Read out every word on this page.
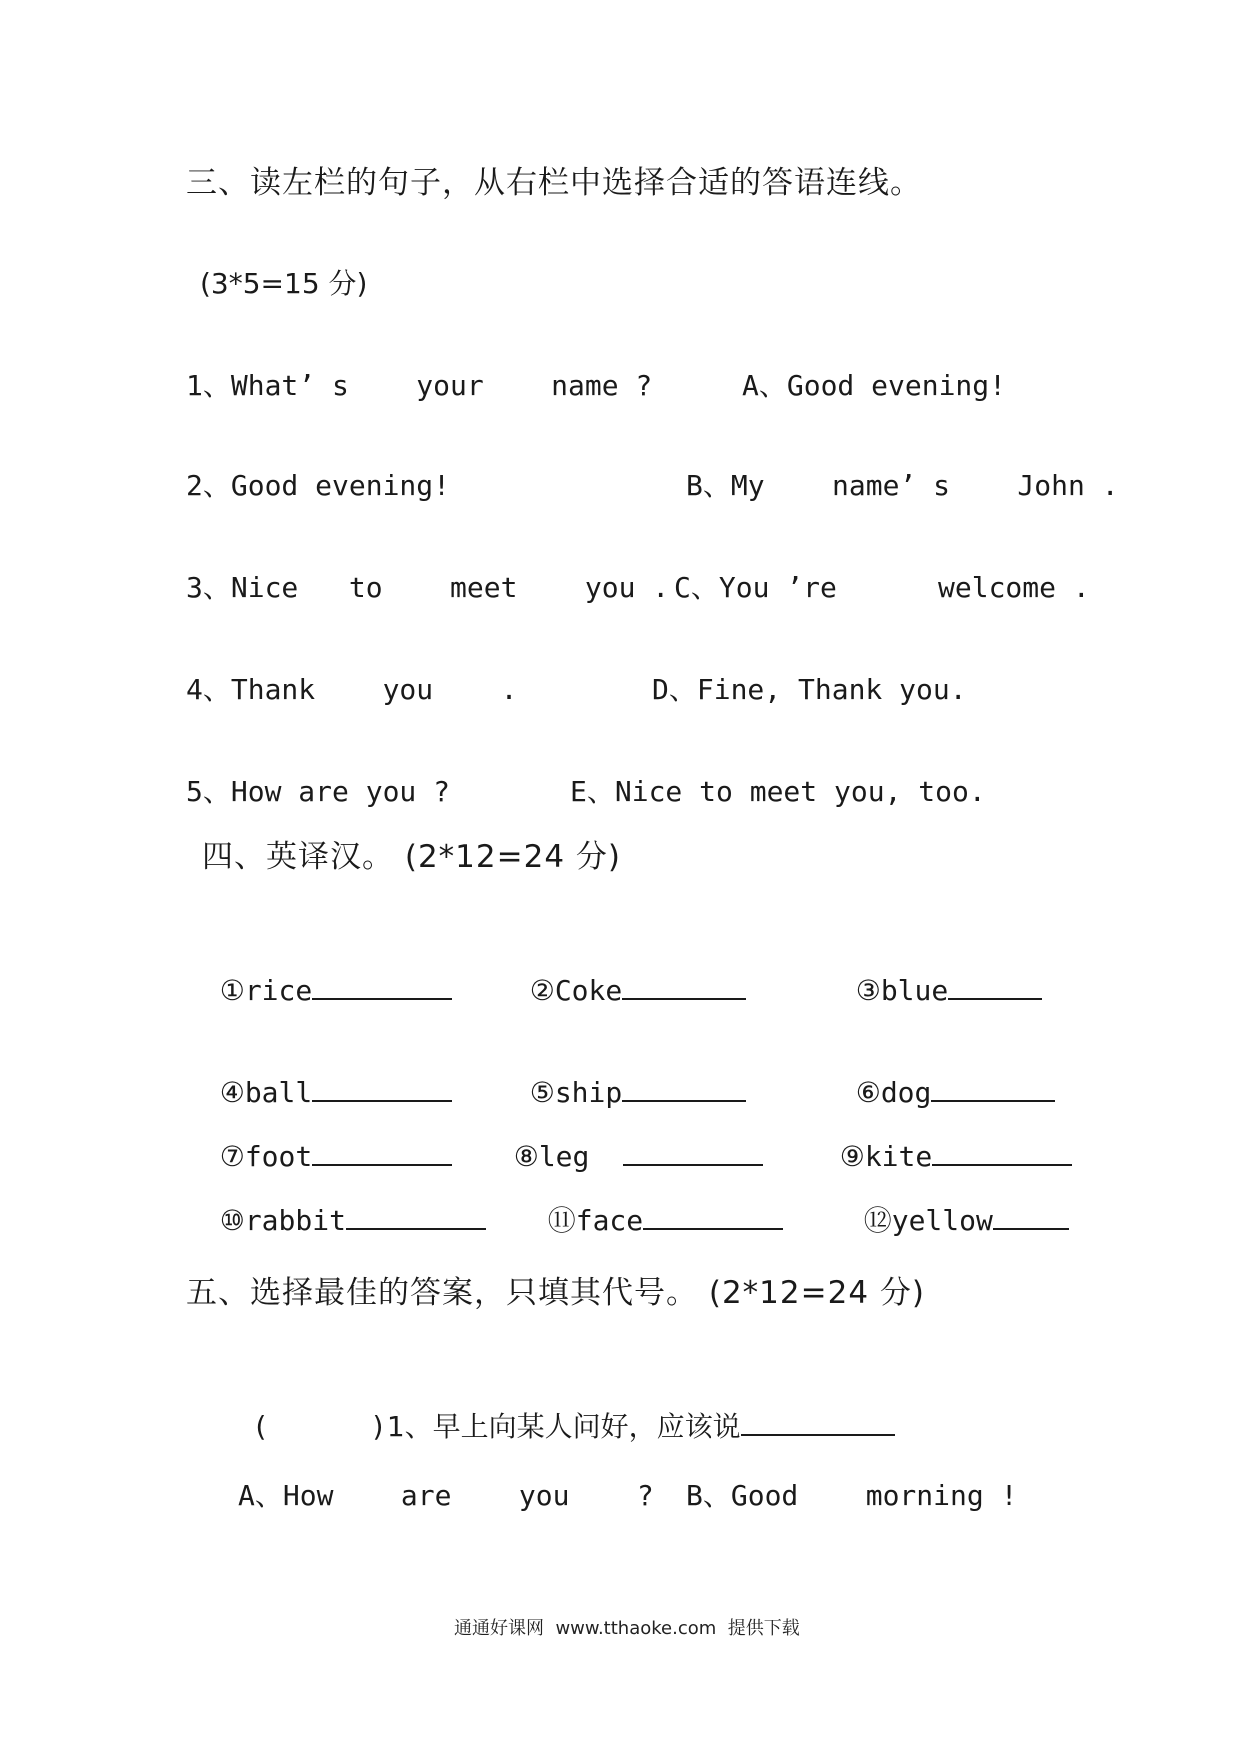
三、读左栏的句子，从右栏中选择合适的答语连线。
(3*5=15 分)
1、What’ s    your    name ?	A、Good evening!
2、Good evening!	B、My    name’ s    John .
3、Nice   to    meet    you . C、You ’re      welcome .
4、Thank    you    .	D、Fine, Thank you.
5、How are you ?	E、Nice to meet you, too.
四、英译汉。 (2*12=24 分)

①rice	②Coke	③blue

④ball	⑤ship	⑥dog

⑦foot	⑧leg	⑨kite

⑩rabbit	⑪face	⑫yellow

五、选择最佳的答案，只填其代号。 (2*12=24 分)

(      )1、早上向某人问好，应该说

A、How    are    you    ? B、Good    morning !
通通好课网  www.tthaoke.com  提供下载
